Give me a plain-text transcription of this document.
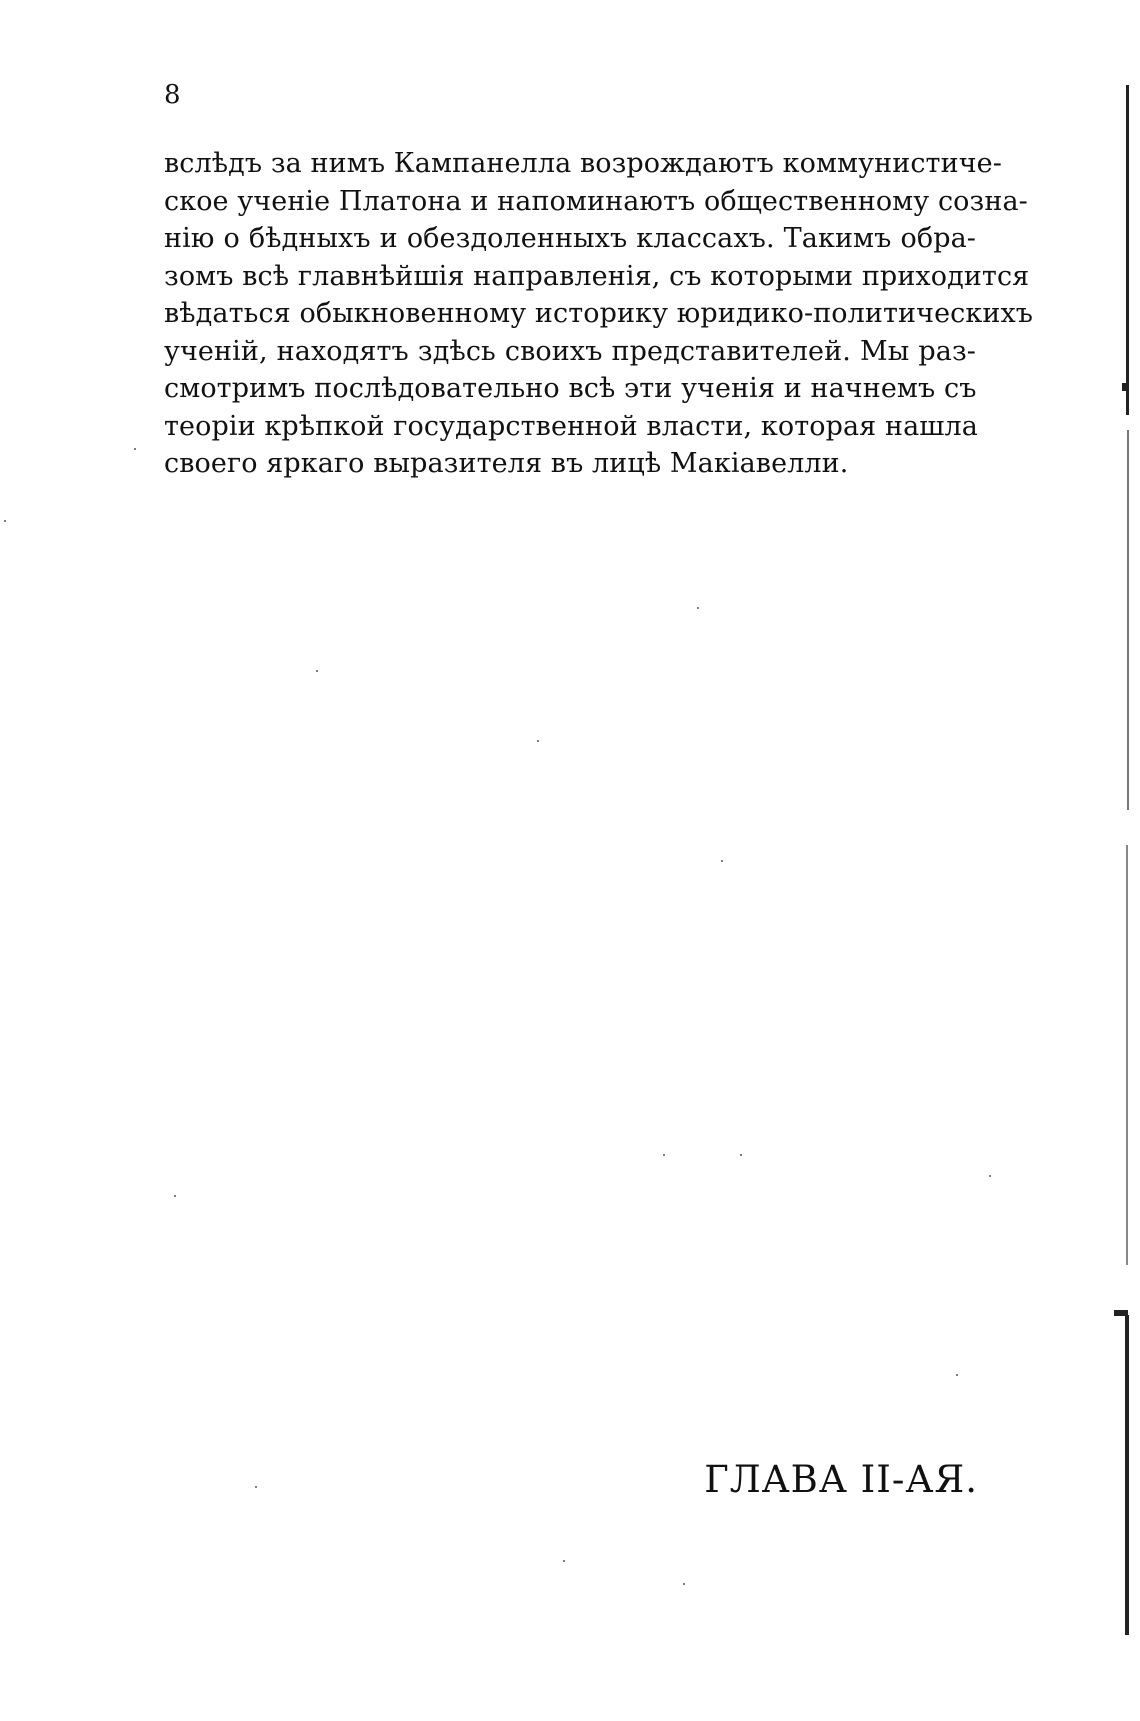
8
вслѣдъ за нимъ Кампанелла возрождаютъ коммунистиче-
ское ученіе Платона и напоминаютъ общественному созна-
нію о бѣдныхъ и обездоленныхъ классахъ. Такимъ обра-
зомъ всѣ главнѣйшія направленія, съ которыми приходится
вѣдаться обыкновенному историку юридико-политическихъ
ученій, находятъ здѣсь своихъ представителей. Мы раз-
смотримъ послѣдовательно всѣ эти ученія и начнемъ съ
теоріи крѣпкой государственной власти, которая нашла
своего яркаго выразителя въ лицѣ Макіавелли.
ГЛАВА II-АЯ.
